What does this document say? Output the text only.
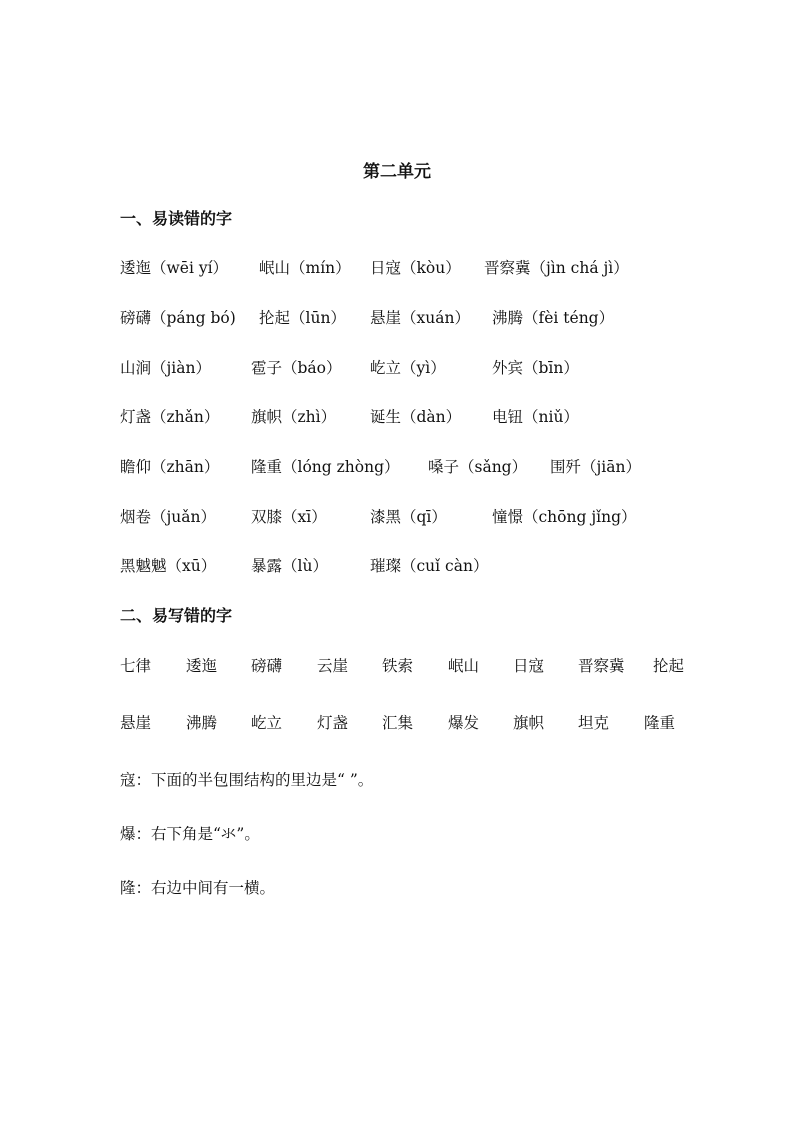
第二单元
一、易读错的字
逶迤（wēi yí） 岷山（mín） 日寇（kòu） 晋察冀（jìn chá jì）
磅礴（páng bó) 抡起（lūn） 悬崖（xuán） 沸腾（fèi téng）
山涧（jiàn）	雹子（báo） 屹立（yì）	外宾（bīn）
灯盏（zhǎn） 旗帜（zhì） 诞生（dàn） 电钮（niǔ）
瞻仰（zhān） 隆重（lóng zhòng） 嗓子（sǎng） 围歼（jiān）
烟卷（juǎn） 双膝（xī）	漆黑（qī）	憧憬（chōng jǐng）
黑魆魆（xū） 暴露（lù）	璀璨（cuǐ càn）
二、易写错的字
七律 逶迤 磅礴 云崖 铁索 岷山 日寇 晋察冀 抡起
悬崖 沸腾 屹立 灯盏 汇集 爆发 旗帜 坦克 隆重
寇：下面的半包围结构的里边是“ ”。
爆：右下角是“氺”。
隆：右边中间有一横。
